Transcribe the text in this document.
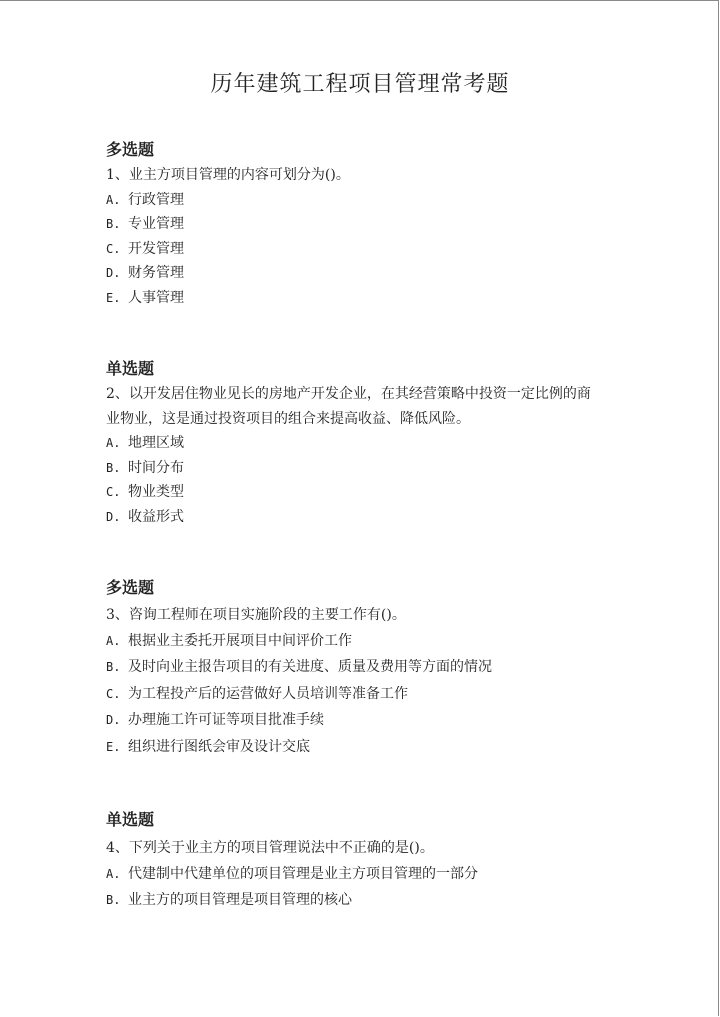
历年建筑工程项目管理常考题
多选题
1、业主方项目管理的内容可划分为()。
A. 行政管理
B. 专业管理
C. 开发管理
D. 财务管理
E. 人事管理
单选题
2、以开发居住物业见长的房地产开发企业，在其经营策略中投资一定比例的商
业物业，这是通过投资项目的组合来提高收益、降低风险。
A. 地理区域
B. 时间分布
C. 物业类型
D. 收益形式
多选题
3、咨询工程师在项目实施阶段的主要工作有()。
A. 根据业主委托开展项目中间评价工作
B. 及时向业主报告项目的有关进度、质量及费用等方面的情况
C. 为工程投产后的运营做好人员培训等准备工作
D. 办理施工许可证等项目批准手续
E. 组织进行图纸会审及设计交底
单选题
4、下列关于业主方的项目管理说法中不正确的是()。
A. 代建制中代建单位的项目管理是业主方项目管理的一部分
B. 业主方的项目管理是项目管理的核心
